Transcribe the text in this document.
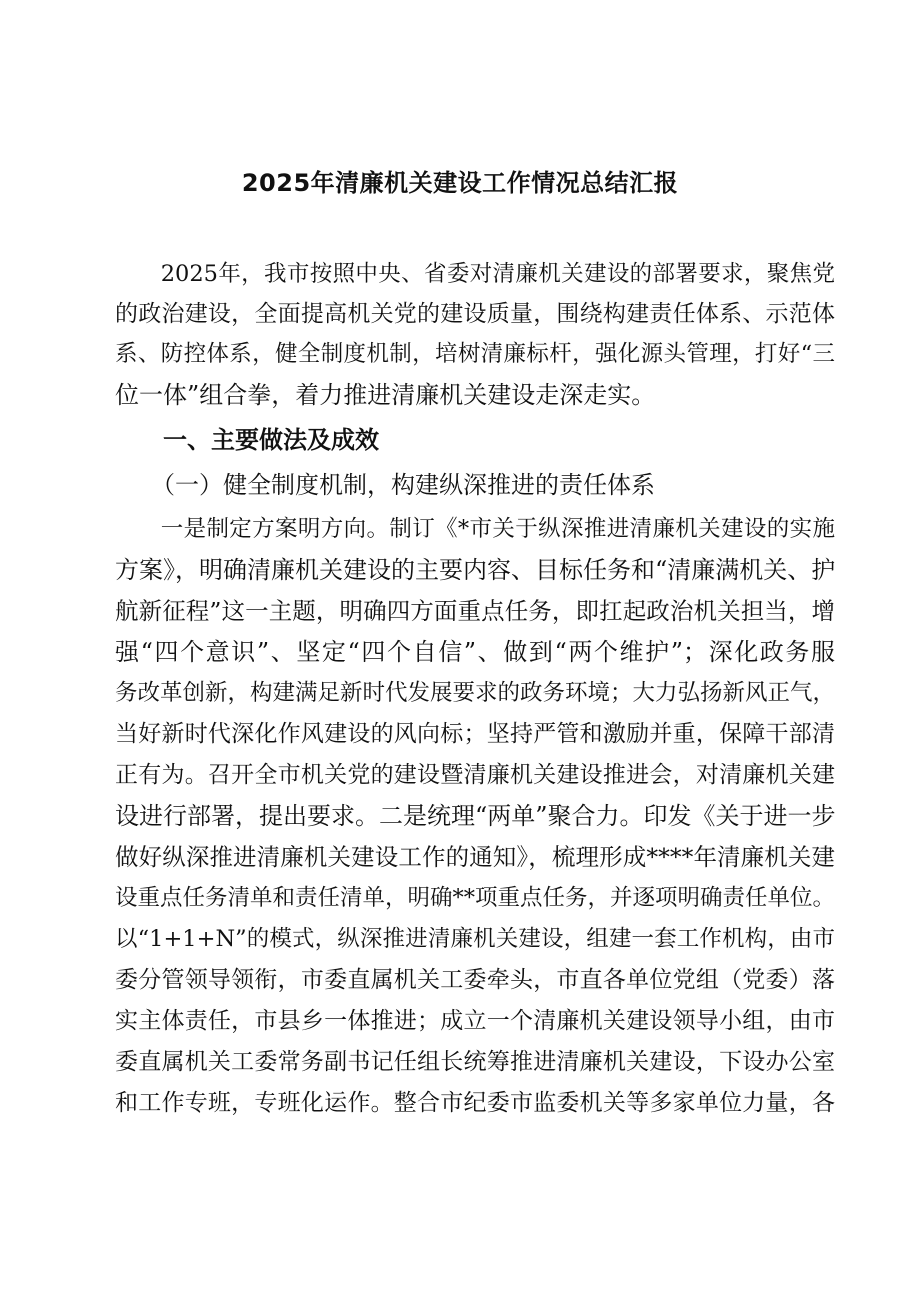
2025年清廉机关建设工作情况总结汇报
　　2025年，我市按照中央、省委对清廉机关建设的部署要求，聚焦党
的政治建设，全面提高机关党的建设质量，围绕构建责任体系、示范体
系、防控体系，健全制度机制，培树清廉标杆，强化源头管理，打好“三
位一体”组合拳，着力推进清廉机关建设走深走实。
　　一、主要做法及成效
　　（一）健全制度机制，构建纵深推进的责任体系
　　一是制定方案明方向。制订《*市关于纵深推进清廉机关建设的实施
方案》，明确清廉机关建设的主要内容、目标任务和“清廉满机关、护
航新征程”这一主题，明确四方面重点任务，即扛起政治机关担当，增
强“四个意识”、坚定“四个自信”、做到“两个维护”；深化政务服
务改革创新，构建满足新时代发展要求的政务环境；大力弘扬新风正气，
当好新时代深化作风建设的风向标；坚持严管和激励并重，保障干部清
正有为。召开全市机关党的建设暨清廉机关建设推进会，对清廉机关建
设进行部署，提出要求。二是统理“两单”聚合力。印发《关于进一步
做好纵深推进清廉机关建设工作的通知》，梳理形成****年清廉机关建
设重点任务清单和责任清单，明确**项重点任务，并逐项明确责任单位。
以“1+1+N”的模式，纵深推进清廉机关建设，组建一套工作机构，由市
委分管领导领衔，市委直属机关工委牵头，市直各单位党组（党委）落
实主体责任，市县乡一体推进；成立一个清廉机关建设领导小组，由市
委直属机关工委常务副书记任组长统筹推进清廉机关建设，下设办公室
和工作专班，专班化运作。整合市纪委市监委机关等多家单位力量，各
